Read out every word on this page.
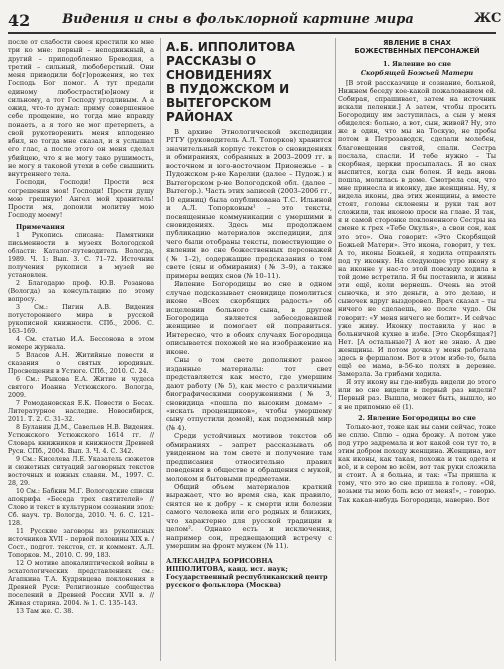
42	Видения и сны в фольклорной картине мира	ЖС

после от слабости своея крестили ко мне три ко мне: первый – неподвижный, а другий – приподобленно Бреводия, а третий – сильный, любоберстный. Они меня приводили бо[г]орожения, но тех Господь Бог помог. А тут предали единому любострасти[ю]ному и сильному, а тот Господу угодливым. А а ожид, что-то думал: приму совершенное себе прощение, но тогда мне вправду понаеть, а я того не мог претерпеть, а свой рукотворенить меня вплоденно вбил, но тогда мне сказал, и я услышал его глас, а после этого он меня сделал убийцею, что я не могу тако рушимость, не могу я таковой утехи в себе свышнить внутреннего тела.

Господи, Господи! Прости вся согрешения моя! Господи! Прости душу мою грешную! Ангел мой хранитель! Прости мя, допоили молитву мою Господу моему!

Примечания

1 Рукопись списана: Памятники письменности в музеях Вологодской области: Каталог-путеводитель Вологда, 1989. Ч. 1: Вып. 3. С. 71–72. Источник получения рукописи в музей не установлен.

2 Благодарю проф. Ю.В. Розанова (Вологда) за консультацию по этому вопросу.

3 См.: Пигин А.В. Видения потустороннего мира в русской рукописной книжности. СПб., 2006. С. 163–169.

4 См. статью И.А. Бессонова в этом номере журнала.

5 Власов А.Н. Житийные повести и сказания о святых юродивых. Просвещения в Устюге. СПб., 2010. С. 24.

6 См.: Рыкова Е.А. Житие и чудеса святого Иоанна Устюжского. Вологда, 2009.

7 Ромодановская Е.К. Повести о Бесах. Литературное наследие. Новосибирск, 2011. Т. 2. С. 31–32.

8 Буланин Д.М., Савельев Н.В. Видения. Устюжского Устюжского 1614 гг. // Словарь книжников и книжности Древней Руси. СПб., 2004. Вып. 3. Ч. 4. С. 342.

9 См.: Киселева Л.Е. Указатель сюжетов и сюжетных ситуаций заговорных текстов восточных и южных славян. М., 1997. С. 28, 29.

10 См.: Бабкин М.Г. Вологодские списки апокрифа «Беседа трех святителей» // Слово и текст в культурном сознании эпох: Сб. науч. тр. Вологда, 2010. Ч. 6. С. 121–128.

11 Русские заговоры из рукописных источников XVII – первой половины XIX в. / Сост., подгот. текстов, ст. и коммент. А.Л. Топорков. М., 2010. С. 99, 183.

12 О мотиве апокалиптической войны в эсхатологических представлениях см.: Агапкина Т.А. Кудрявцева поклонения в Древней Руси: Религиозные сообщества поселений в Древней России XVII в. // Живая старина. 2004. № 1. С. 135–143.

13 Там же. С. 38.

А.Б. ИППОЛИТОВА
РАССКАЗЫ О СНОВИДЕНИЯХ
В ПУДОЖСКОМ И ВЫТЕГОРСКОМ РАЙОНАХ

В архиве Этнологической экспедиции РГГУ (руководитель А.Л. Топорков) хранится значительный корпус текстов о сновидениях и обмираниях, собранных в 2003–2009 гг. в восточном и юго-восточном Прионежье – в Пудожском р-не Карелии (далее – Пудож.) и Вытегорском р-не Вологодской обл. (далее – Вытегор.). Часть этих записей (2003–2006 гг., 10 единиц) была опубликована Т.С. Ильиной и А.Л. Топорковым¹ – это тексты, посвященные коммуникации с умершими в сновидениях. Здесь мы продолжаем публикацию материалов экспедиции, для чего были отобраны тексты, повествующие о явлении во сне божественных персонажей (№ 1–2), содержащие предсказания о том свете (сны и обмирания) (№ 3–9), а также примеры вещих снов (№ 10–11).

Явление Богородицы во сне в одном случае подсказывает сновидице помолиться иконе «Всех скорбящих радость» об исцелении больного сына, в другом Богородица является забеседовавшей женщине и помогает ей поправиться. Интересно, что в обоих случаях Богородица описывается похожей не на изображение на иконе.

Сны о том свете дополняют ранее изданные материалы: тот свет представляется как место, где умершим дают работу (№ 5), как место с различными биографическими сооружениями (№ 3, сновидица «пошла по высоким домам» – «искать проценщиков», чтобы умершему сыну отпустили домой), как подземный мир (№ 4).

Среди устойчивых мотивов текстов об обмираниях – запрет рассказывать об увиденном на том свете и получение там предписания относительно правил поведения в обществе и обращения с мукой, молоком и бытовыми предметами.

Общий объем материалов краткий выражает, что во время сна, как правило, снятся не к добру – к смерти или болезни самого человека или его родных и близких, что характерно для русской традиции в целом². Однако есть и исключения, например сон, предвещающий встречу с умершим на фронт мужем (№ 11).

АЛЕКСАНДРА БОРИСОВНА ИППОЛИТОВА, канд. ист. наук; Государственный республиканский центр русского фольклора (Москва)
ЯВЛЕНИЕ В СНАХ
БОЖЕСТВЕННЫХ ПЕРСОНАЖЕЙ
1. Явление во сне
Скорбящей Божьей Матери

[В этой рассказчице и сознание, больной, Нижнем беседу кое-какой пожалованием ей. Собирая, спрашивает, затем на источник искали пеленки.] А затем, чтобы просить Богородицу им заступилась, а сын у меня обиделся: больно, а вот, сын, живой? Ну, это же в один, что мы на Тоскую, не пробы потом в Петрозаводск, сделали молебен, благовещения святой, спали. Сестра послала, спасли. И тебе нужно – Ты скорбная, церкви просыпалась. Я во снах выспится, когда сын болен. Я ведь вновь пошла, молилась в доме. Смотрела сон, что мне принесла и иконку, две женщины. Ну, я видела иконы, два этих женщины, а вместе стоят, головы склонены и руки так вот сложили, так иконою проси на главе. Я так, я и самой сторонке поклоненного Сестры на смене к грех «Тебе Окулья», а свои сон, как это это». Она говорит: «Это Скорбящей Божьей Матери». Это икона, говорит, у тех. А то, иконы Божьей, я ходила отправлять под ту иконку. На следующее утро икону я на иконне у нас-то этой повсюду ходила в той доме встретила. Я бы поставила, и живы эти ещё, коли вернешь. Очень на этой сыночка, и это деньги, а это делаю, и сыночек вдруг выздоровел. Врач сказал – ты ничего не сделаешь, но после чудо. Он говорит: «У меня ничего не болит». И сейчас уже живу. Иконку поставила у нас в больничной кухне в избе. [Это Скорбящая?] Нет. [А остальные?] А вот не знаю. А две женщины. И потом дочка у меня работала здесь в фершалом. Вот в этом избе-то, была ещё ее мама, в-56-ко полях в деревне. Замерзла. За грибами ходила.

Я эту икону вы где-нибудь видели до этого или во сне видели в первый раз видели? Первый раз. Вышла, может быть, вышло, но я не припомню её (1).

2. Явление Богородицы во сне

Только-вот, тоже как вы сами сейчас, тоже не сплю. Сплю – одна брожу. А потом уже под утро задремала и вот какой сон тут то, в этим добром походу женщина. Женщина, вот как иконы, как такая, похожа и так одета и всё, и в сером во всём, вот так руки сложила и стоит. А я больна, и так: «Ты пришла к тому, что это во сне пришла в голову. «Ой, возьми ты мою боль всю от меня!», – говорю. Так какая-нибудь Богородица, наверно. Вот
